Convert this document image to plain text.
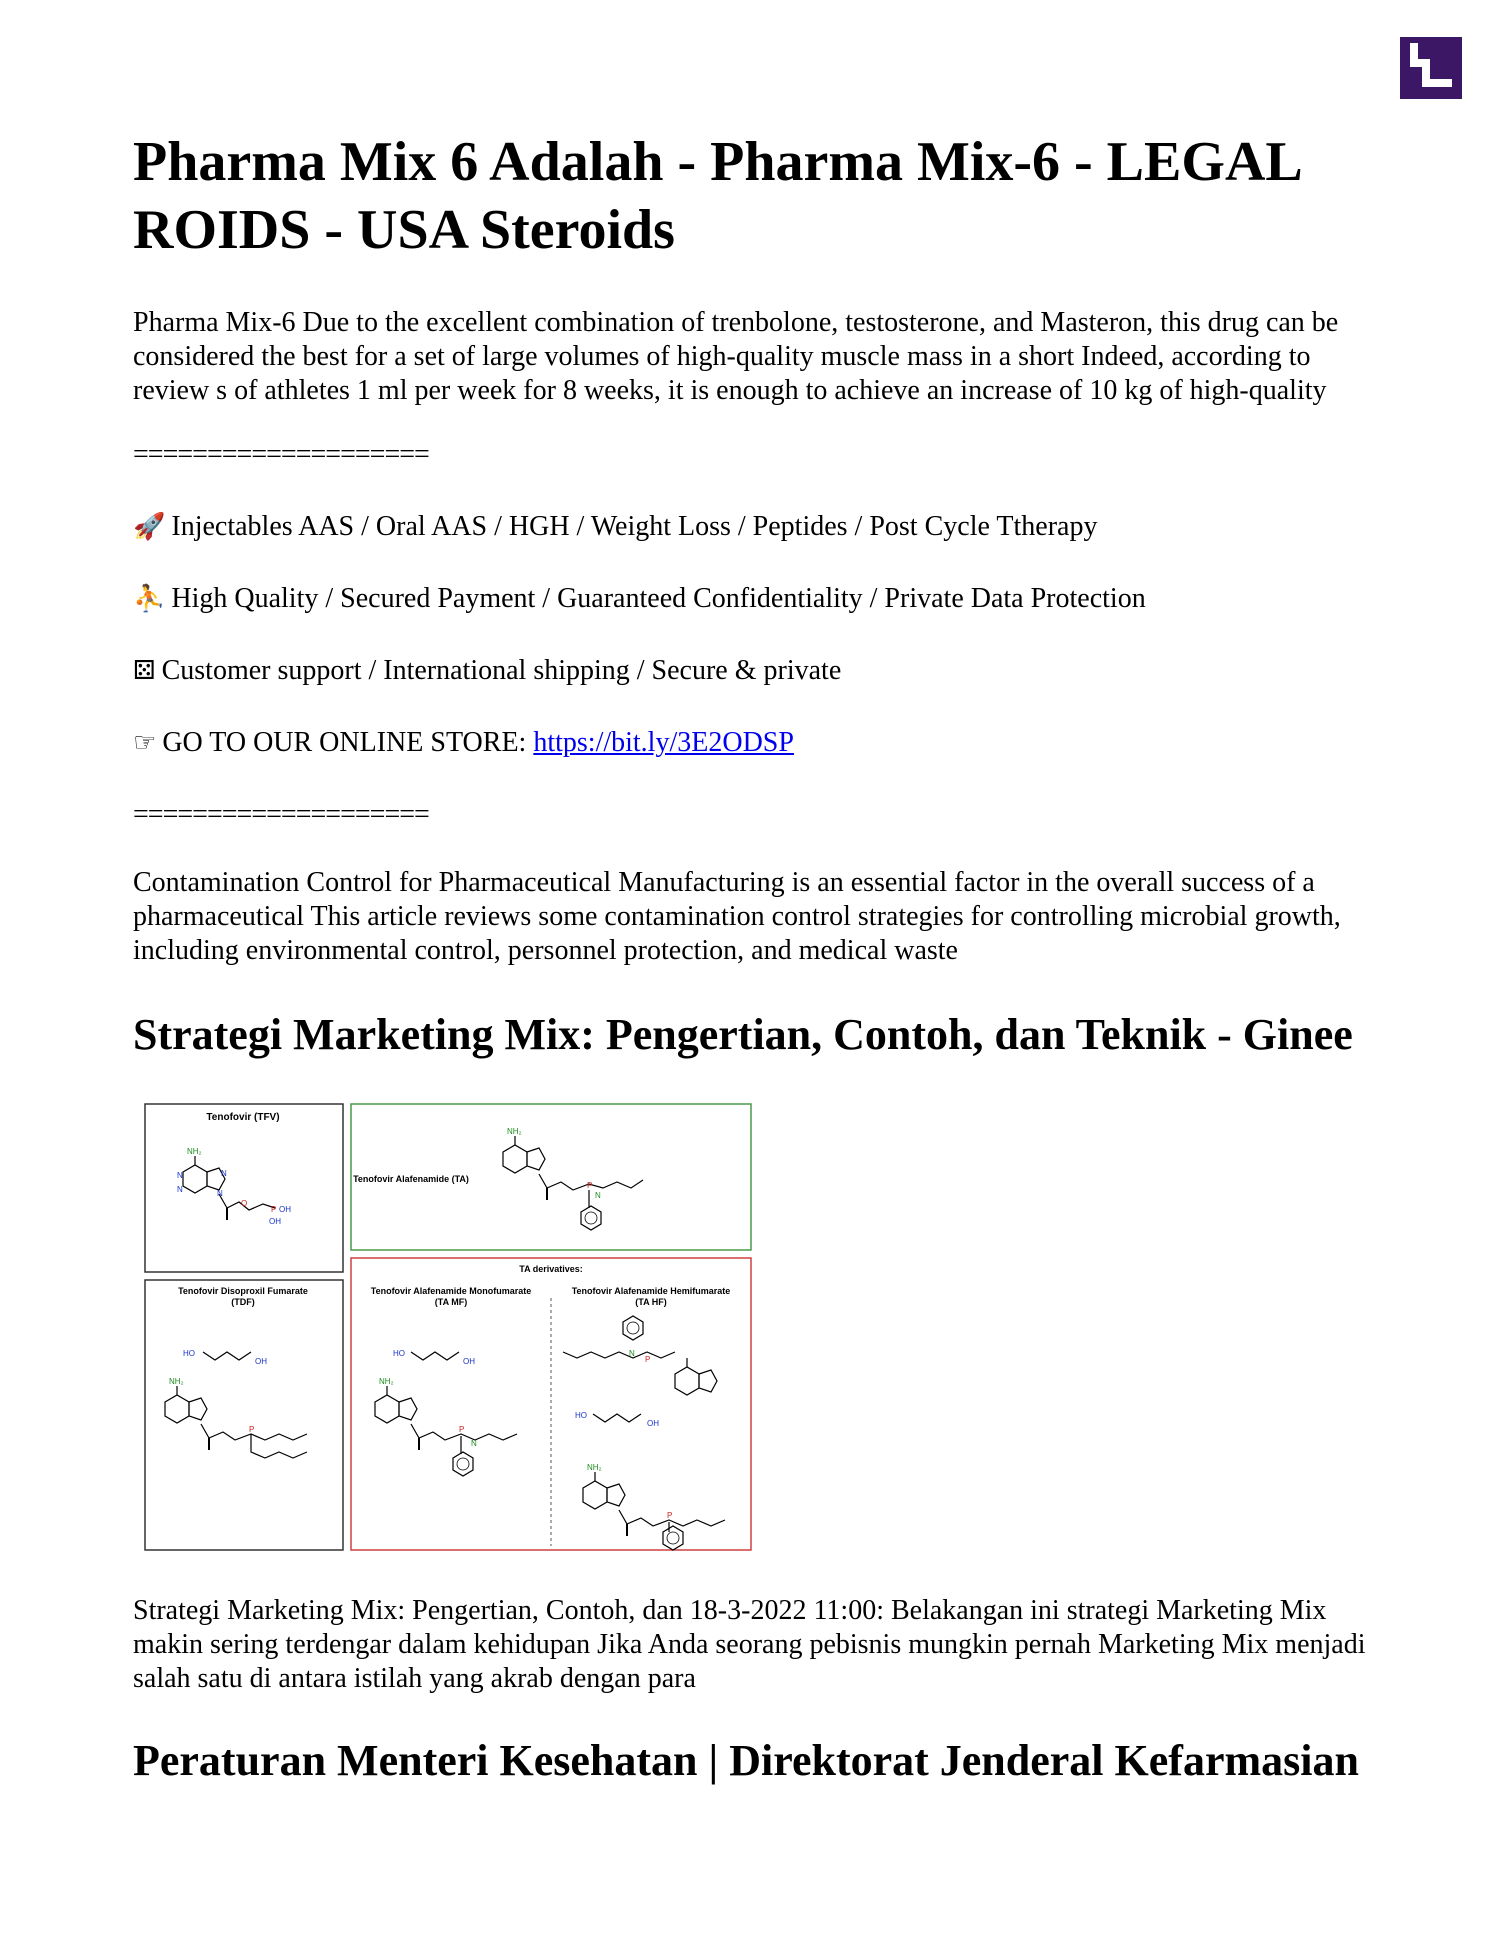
Pharma Mix 6 Adalah - Pharma Mix-6 - LEGAL ROIDS - USA Steroids

Pharma Mix-6 Due to the excellent combination of trenbolone, testosterone, and Masteron, this drug can be considered the best for a set of large volumes of high-quality muscle mass in a short Indeed, according to review s of athletes 1 ml per week for 8 weeks, it is enough to achieve an increase of 10 kg of high-quality

====================
🚀 Injectables AAS / Oral AAS / HGH / Weight Loss / Peptides / Post Cycle Ttherapy
⛹ High Quality / Secured Payment / Guaranteed Confidentiality / Private Data Protection
⚄ Customer support / International shipping / Secure & private
☞ GO TO OUR ONLINE STORE: https://bit.ly/3E2ODSP
====================

Contamination Control for Pharmaceutical Manufacturing is an essential factor in the overall success of a pharmaceutical This article reviews some contamination control strategies for controlling microbial growth, including environmental control, personnel protection, and medical waste

Strategi Marketing Mix: Pengertian, Contoh, dan Teknik - Ginee
Tenofovir (TFV)
Tenofovir Alafenamide (TA)
TA derivatives:
Tenofovir Disoproxil Fumarate
(TDF)
Tenofovir Alafenamide Monofumarate
(TA MF)
Tenofovir Alafenamide Hemifumarate
(TA HF)
NH₂
N
N
N
N
O
P OH
OH
NH₂
P
N
HO
OH
NH₂
P
HO
OH
NH₂
P
N
N
P
HO
OH
NH₂
P

Strategi Marketing Mix: Pengertian, Contoh, dan 18-3-2022 11:00: Belakangan ini strategi Marketing Mix makin sering terdengar dalam kehidupan Jika Anda seorang pebisnis mungkin pernah Marketing Mix menjadi salah satu di antara istilah yang akrab dengan para

Peraturan Menteri Kesehatan | Direktorat Jenderal Kefarmasian
